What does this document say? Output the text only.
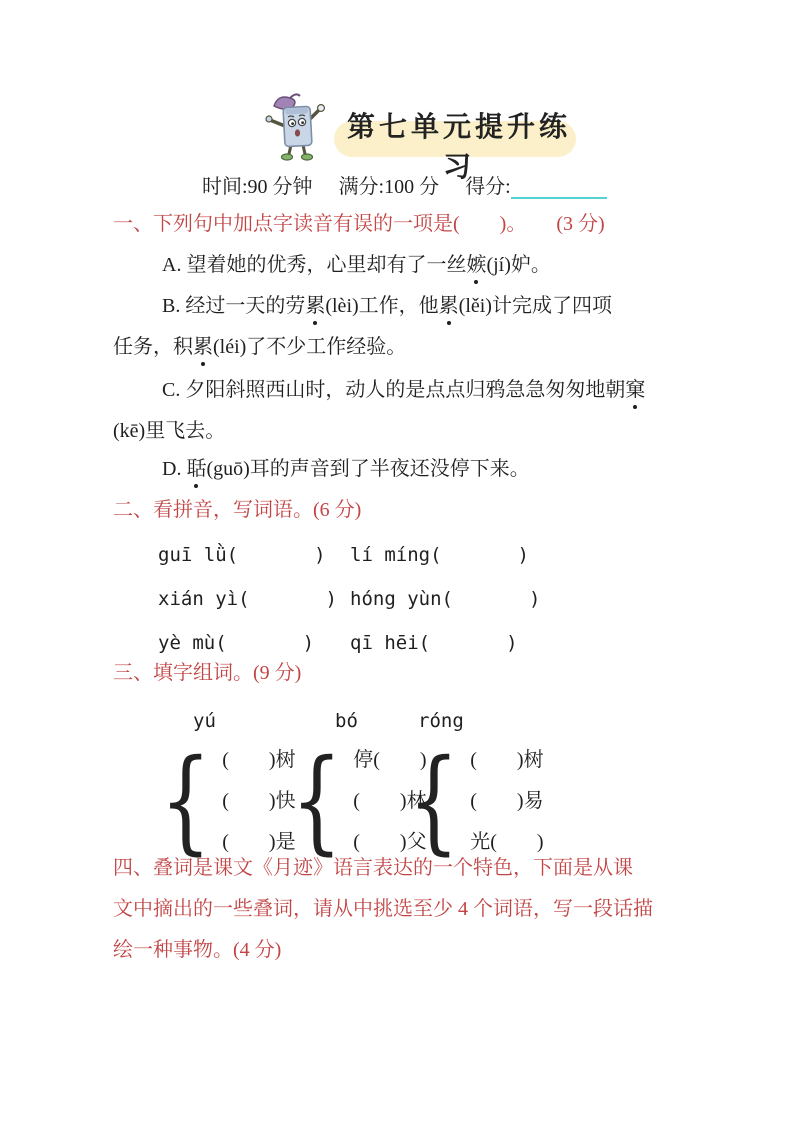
第七单元提升练习
时间:90 分钟 满分:100 分 得分:
一、下列句中加点字读音有误的一项是(　　)。　　(3 分)
A. 望着她的优秀，心里却有了一丝嫉(jí)妒。
B. 经过一天的劳累(lèi)工作，他累(lěi)计完成了四项
任务，积累(léi)了不少工作经验。
C. 夕阳斜照西山时，动人的是点点归鸦急急匆匆地朝窠
(kē)里飞去。
D. 聒(guō)耳的声音到了半夜还没停下来。
二、看拼音，写词语。(6 分)
guī lǜ(　　　　) lí míng(　　　　)
xián yì(　　　　) hóng yùn(　　　　)
yè mù(　　　　) qī hēi(　　　　)
三、填字组词。(9 分)
yú	bó	róng
{ (　　)树
(　　)快
(　　)是
{ 停(　　)
(　　)林
(　　)父
{ (　　)树
(　　)易
光(　　)
四、叠词是课文《月迹》语言表达的一个特色，下面是从课
文中摘出的一些叠词，请从中挑选至少 4 个词语，写一段话描
绘一种事物。(4 分)
